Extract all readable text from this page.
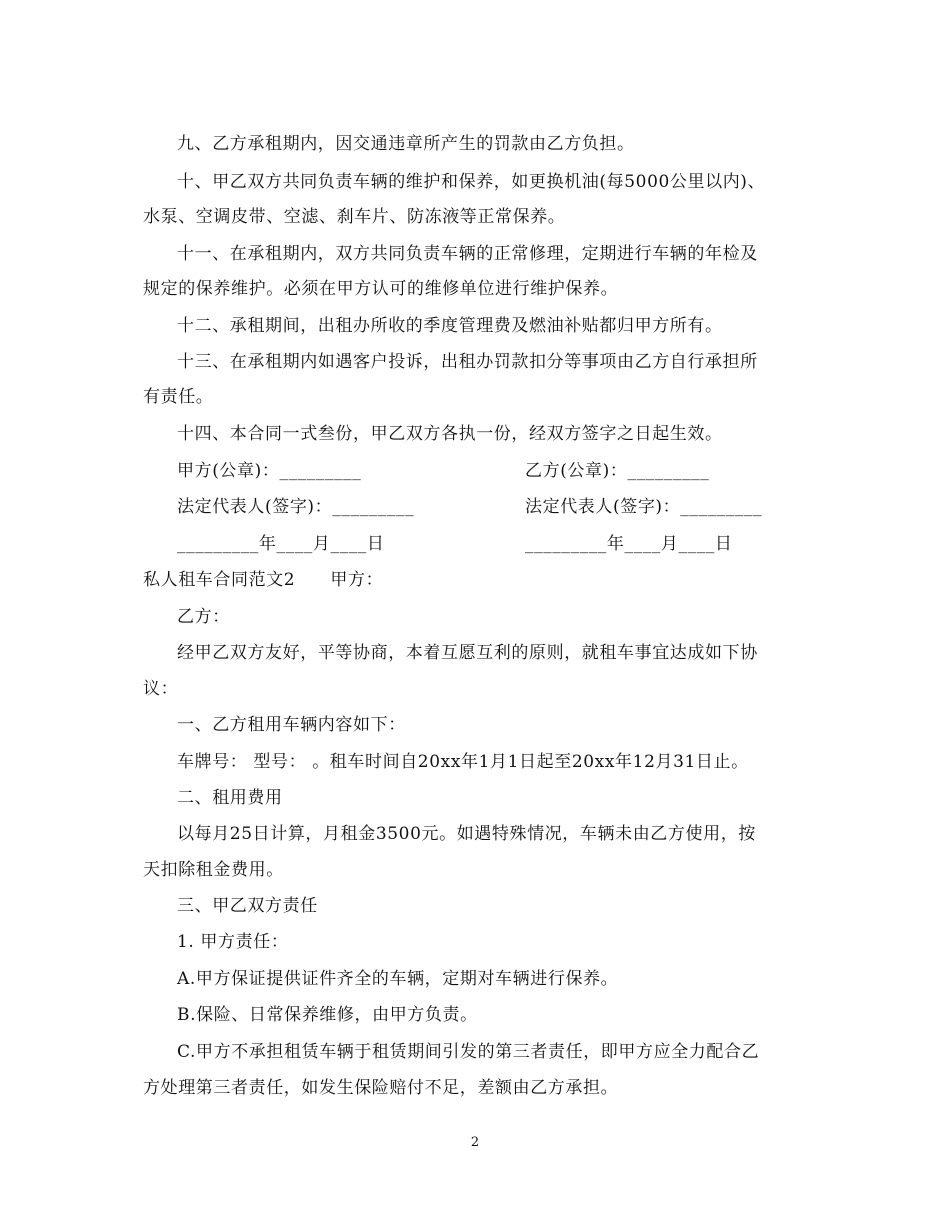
九、乙方承租期内，因交通违章所产生的罚款由乙方负担。
十、甲乙双方共同负责车辆的维护和保养，如更换机油(每5000公里以内)、
水泵、空调皮带、空滤、刹车片、防冻液等正常保养。
十一、在承租期内，双方共同负责车辆的正常修理，定期进行车辆的年检及
规定的保养维护。必须在甲方认可的维修单位进行维护保养。
十二、承租期间，出租办所收的季度管理费及燃油补贴都归甲方所有。
十三、在承租期内如遇客户投诉，出租办罚款扣分等事项由乙方自行承担所
有责任。
十四、本合同一式叁份，甲乙双方各执一份，经双方签字之日起生效。
甲方(公章)：_________	乙方(公章)：_________
法定代表人(签字)：_________	法定代表人(签字)：_________
_________年____月____日	_________年____月____日
私人租车合同范文2　　甲方：
乙方：
经甲乙双方友好，平等协商，本着互愿互利的原则，就租车事宜达成如下协
议：
一、乙方租用车辆内容如下：
车牌号： 型号： 。租车时间自20xx年1月1日起至20xx年12月31日止。
二、租用费用
以每月25日计算，月租金3500元。如遇特殊情况，车辆未由乙方使用，按
天扣除租金费用。
三、甲乙双方责任
1. 甲方责任：
A.甲方保证提供证件齐全的车辆，定期对车辆进行保养。
B.保险、日常保养维修，由甲方负责。
C.甲方不承担租赁车辆于租赁期间引发的第三者责任，即甲方应全力配合乙
方处理第三者责任，如发生保险赔付不足，差额由乙方承担。
2
